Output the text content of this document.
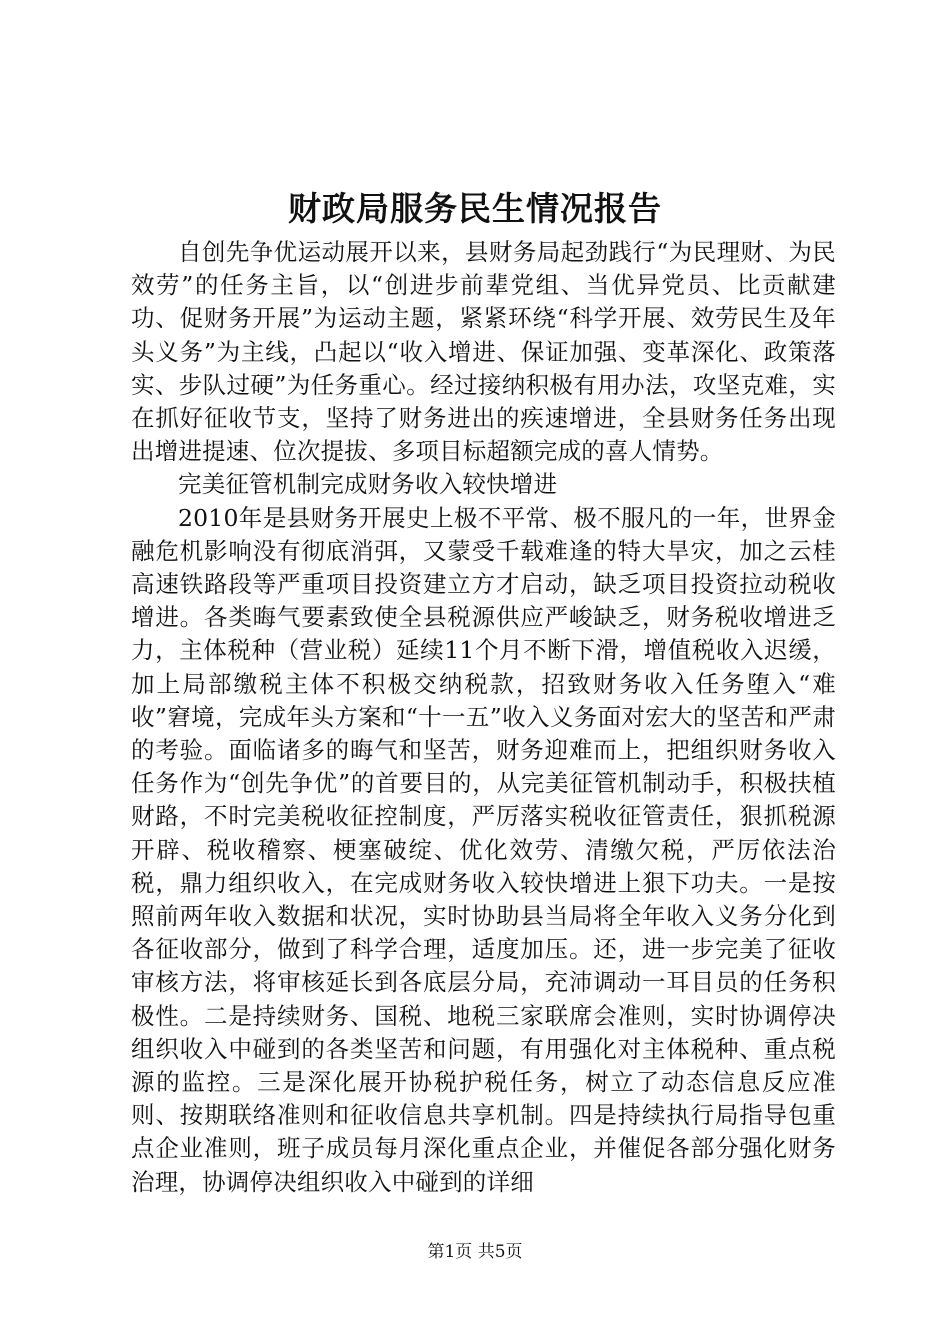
财政局服务民生情况报告

自创先争优运动展开以来，县财务局起劲践行“为民理财、为民效劳”的任务主旨，以“创进步前辈党组、当优异党员、比贡献建功、促财务开展”为运动主题，紧紧环绕“科学开展、效劳民生及年头义务”为主线，凸起以“收入增进、保证加强、变革深化、政策落实、步队过硬”为任务重心。经过接纳积极有用办法，攻坚克难，实在抓好征收节支，坚持了财务进出的疾速增进，全县财务任务出现出增进提速、位次提拔、多项目标超额完成的喜人情势。

完美征管机制完成财务收入较快增进

2010年是县财务开展史上极不平常、极不服凡的一年，世界金融危机影响没有彻底消弭，又蒙受千载难逢的特大旱灾，加之云桂高速铁路段等严重项目投资建立方才启动，缺乏项目投资拉动税收增进。各类晦气要素致使全县税源供应严峻缺乏，财务税收增进乏力，主体税种（营业税）延续11个月不断下滑，增值税收入迟缓，加上局部缴税主体不积极交纳税款，招致财务收入任务堕入“难收”窘境，完成年头方案和“十一五”收入义务面对宏大的坚苦和严肃的考验。面临诸多的晦气和坚苦，财务迎难而上，把组织财务收入任务作为“创先争优”的首要目的，从完美征管机制动手，积极扶植财路，不时完美税收征控制度，严厉落实税收征管责任，狠抓税源开辟、税收稽察、梗塞破绽、优化效劳、清缴欠税，严厉依法治税，鼎力组织收入，在完成财务收入较快增进上狠下功夫。一是按照前两年收入数据和状况，实时协助县当局将全年收入义务分化到各征收部分，做到了科学合理，适度加压。还，进一步完美了征收审核方法，将审核延长到各底层分局，充沛调动一耳目员的任务积极性。二是持续财务、国税、地税三家联席会准则，实时协调停决组织收入中碰到的各类坚苦和问题，有用强化对主体税种、重点税源的监控。三是深化展开协税护税任务，树立了动态信息反应准则、按期联络准则和征收信息共享机制。四是持续执行局指导包重点企业准则，班子成员每月深化重点企业，并催促各部分强化财务治理，协调停决组织收入中碰到的详细

第1页 共5页
